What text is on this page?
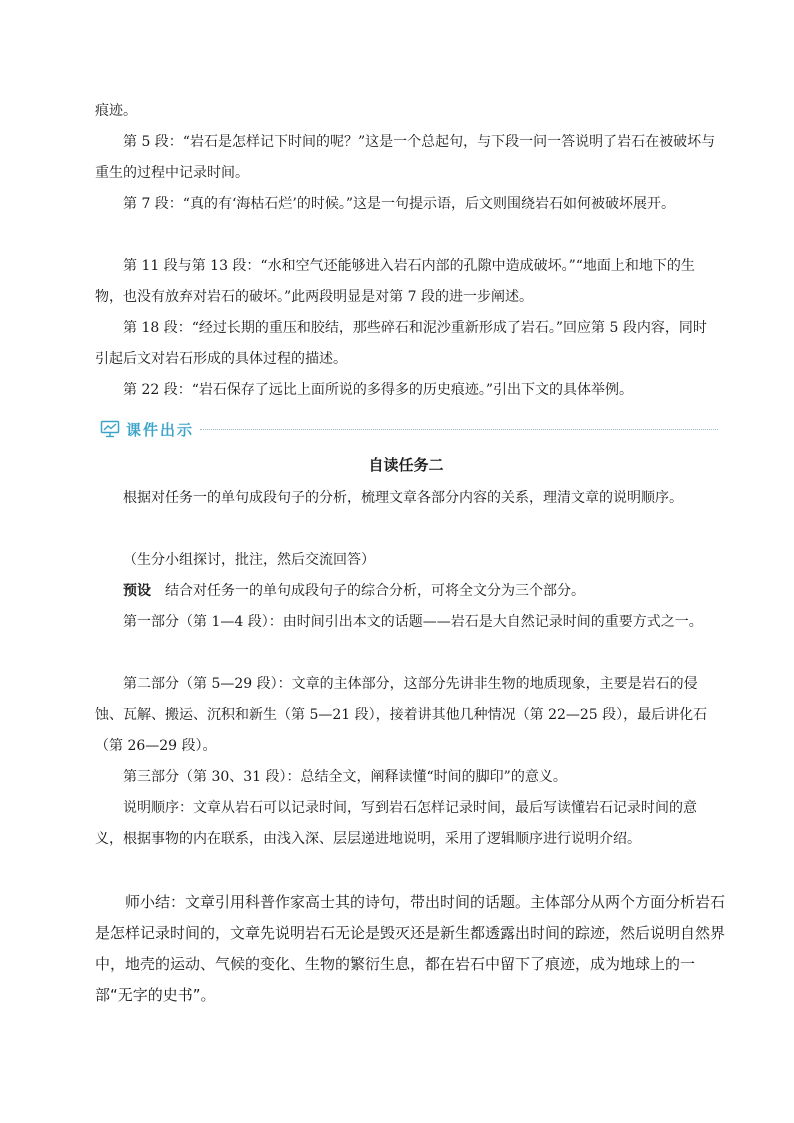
痕迹。

第 5 段：“岩石是怎样记下时间的呢？”这是一个总起句，与下段一问一答说明了岩石在被破坏与重生的过程中记录时间。

第 7 段：“真的有‘海枯石烂’的时候。”这是一句提示语，后文则围绕岩石如何被破坏展开。

第 11 段与第 13 段：“水和空气还能够进入岩石内部的孔隙中造成破坏。”“地面上和地下的生物，也没有放弃对岩石的破坏。”此两段明显是对第 7 段的进一步阐述。

第 18 段：“经过长期的重压和胶结，那些碎石和泥沙重新形成了岩石。”回应第 5 段内容，同时引起后文对岩石形成的具体过程的描述。

第 22 段：“岩石保存了远比上面所说的多得多的历史痕迹。”引出下文的具体举例。

课件出示
自读任务二

根据对任务一的单句成段句子的分析，梳理文章各部分内容的关系，理清文章的说明顺序。

（生分小组探讨，批注，然后交流回答）

预设 结合对任务一的单句成段句子的综合分析，可将全文分为三个部分。

第一部分（第 1—4 段）：由时间引出本文的话题——岩石是大自然记录时间的重要方式之一。

第二部分（第 5—29 段）：文章的主体部分，这部分先讲非生物的地质现象，主要是岩石的侵蚀、瓦解、搬运、沉积和新生（第 5—21 段），接着讲其他几种情况（第 22—25 段），最后讲化石（第 26—29 段）。

第三部分（第 30、31 段）：总结全文，阐释读懂“时间的脚印”的意义。

说明顺序：文章从岩石可以记录时间，写到岩石怎样记录时间，最后写读懂岩石记录时间的意义，根据事物的内在联系，由浅入深、层层递进地说明，采用了逻辑顺序进行说明介绍。

师小结：文章引用科普作家高士其的诗句，带出时间的话题。主体部分从两个方面分析岩石是怎样记录时间的，文章先说明岩石无论是毁灭还是新生都透露出时间的踪迹，然后说明自然界中，地壳的运动、气候的变化、生物的繁衍生息，都在岩石中留下了痕迹，成为地球上的一部“无字的史书”。
